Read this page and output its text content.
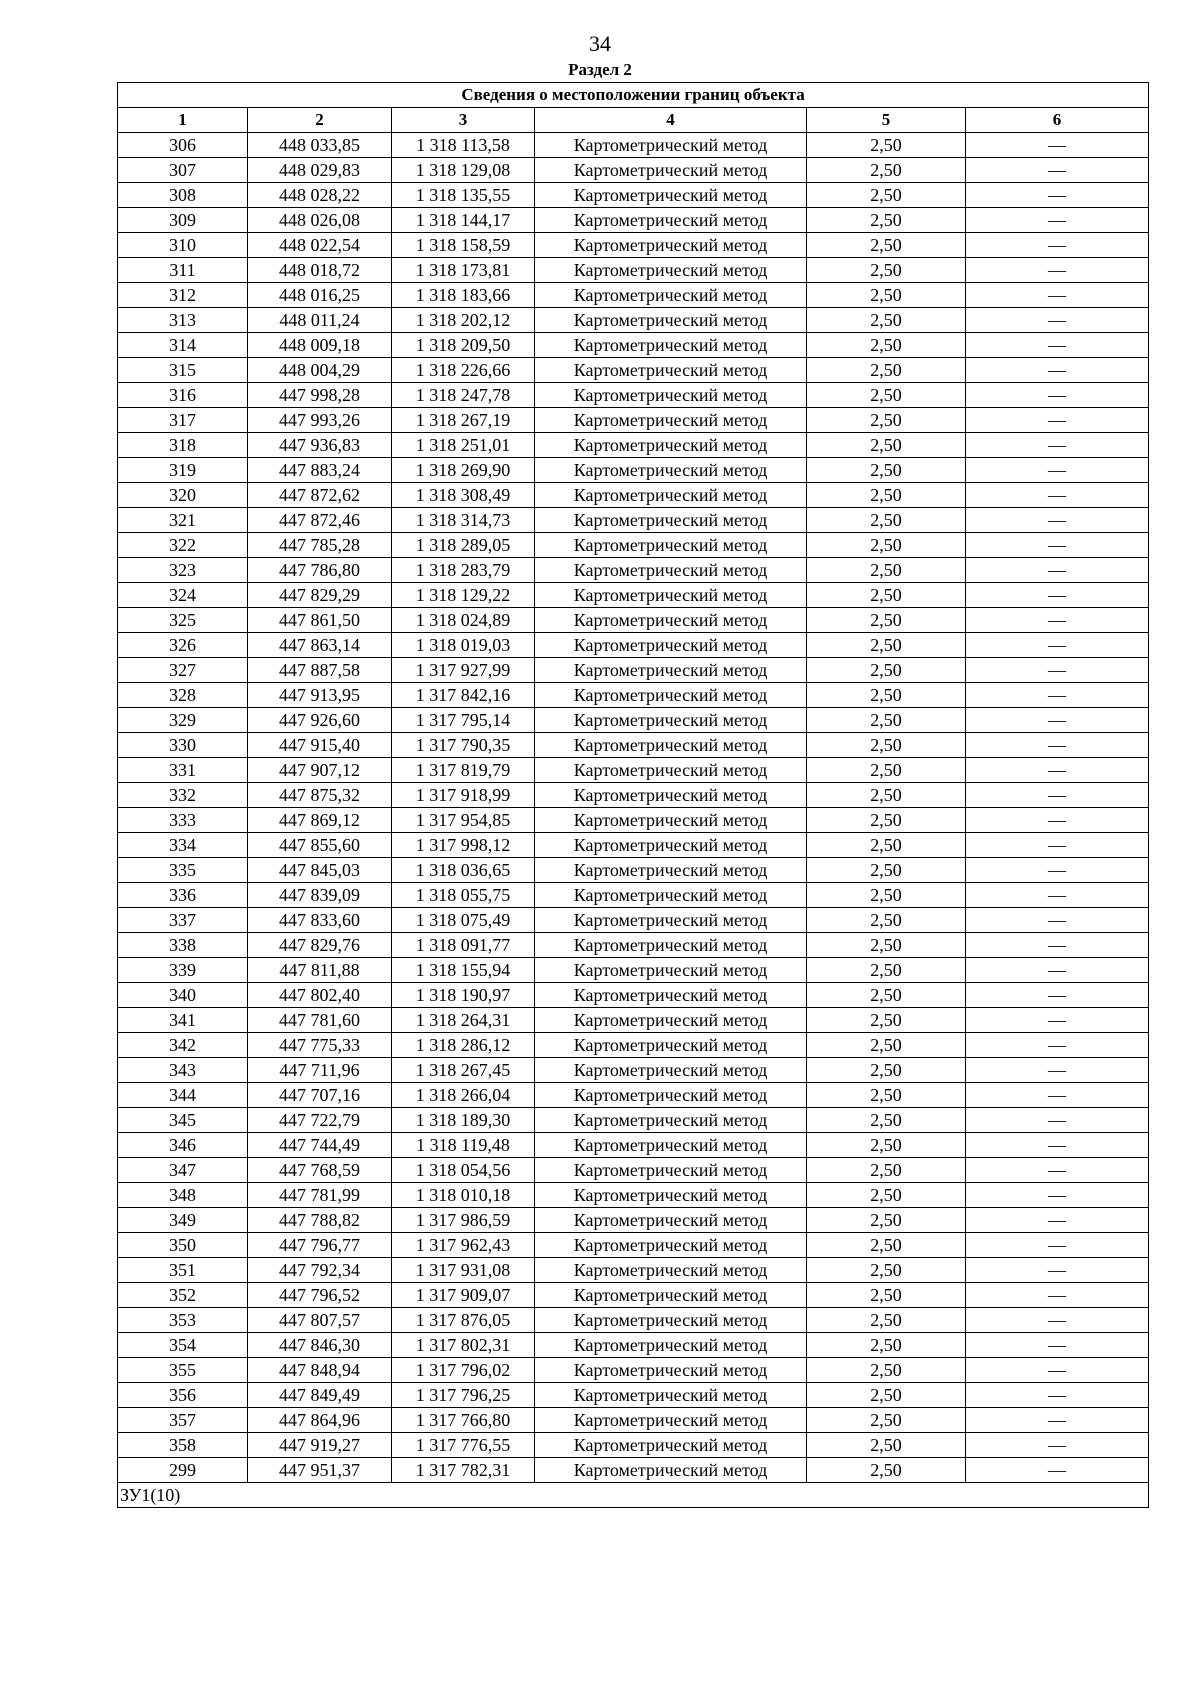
34
Раздел 2
Сведения о местоположении границ объекта					
1	2	3	4	5	6
306	448 033,85	1 318 113,58	Картометрический метод	2,50	—
307	448 029,83	1 318 129,08	Картометрический метод	2,50	—
308	448 028,22	1 318 135,55	Картометрический метод	2,50	—
309	448 026,08	1 318 144,17	Картометрический метод	2,50	—
310	448 022,54	1 318 158,59	Картометрический метод	2,50	—
311	448 018,72	1 318 173,81	Картометрический метод	2,50	—
312	448 016,25	1 318 183,66	Картометрический метод	2,50	—
313	448 011,24	1 318 202,12	Картометрический метод	2,50	—
314	448 009,18	1 318 209,50	Картометрический метод	2,50	—
315	448 004,29	1 318 226,66	Картометрический метод	2,50	—
316	447 998,28	1 318 247,78	Картометрический метод	2,50	—
317	447 993,26	1 318 267,19	Картометрический метод	2,50	—
318	447 936,83	1 318 251,01	Картометрический метод	2,50	—
319	447 883,24	1 318 269,90	Картометрический метод	2,50	—
320	447 872,62	1 318 308,49	Картометрический метод	2,50	—
321	447 872,46	1 318 314,73	Картометрический метод	2,50	—
322	447 785,28	1 318 289,05	Картометрический метод	2,50	—
323	447 786,80	1 318 283,79	Картометрический метод	2,50	—
324	447 829,29	1 318 129,22	Картометрический метод	2,50	—
325	447 861,50	1 318 024,89	Картометрический метод	2,50	—
326	447 863,14	1 318 019,03	Картометрический метод	2,50	—
327	447 887,58	1 317 927,99	Картометрический метод	2,50	—
328	447 913,95	1 317 842,16	Картометрический метод	2,50	—
329	447 926,60	1 317 795,14	Картометрический метод	2,50	—
330	447 915,40	1 317 790,35	Картометрический метод	2,50	—
331	447 907,12	1 317 819,79	Картометрический метод	2,50	—
332	447 875,32	1 317 918,99	Картометрический метод	2,50	—
333	447 869,12	1 317 954,85	Картометрический метод	2,50	—
334	447 855,60	1 317 998,12	Картометрический метод	2,50	—
335	447 845,03	1 318 036,65	Картометрический метод	2,50	—
336	447 839,09	1 318 055,75	Картометрический метод	2,50	—
337	447 833,60	1 318 075,49	Картометрический метод	2,50	—
338	447 829,76	1 318 091,77	Картометрический метод	2,50	—
339	447 811,88	1 318 155,94	Картометрический метод	2,50	—
340	447 802,40	1 318 190,97	Картометрический метод	2,50	—
341	447 781,60	1 318 264,31	Картометрический метод	2,50	—
342	447 775,33	1 318 286,12	Картометрический метод	2,50	—
343	447 711,96	1 318 267,45	Картометрический метод	2,50	—
344	447 707,16	1 318 266,04	Картометрический метод	2,50	—
345	447 722,79	1 318 189,30	Картометрический метод	2,50	—
346	447 744,49	1 318 119,48	Картометрический метод	2,50	—
347	447 768,59	1 318 054,56	Картометрический метод	2,50	—
348	447 781,99	1 318 010,18	Картометрический метод	2,50	—
349	447 788,82	1 317 986,59	Картометрический метод	2,50	—
350	447 796,77	1 317 962,43	Картометрический метод	2,50	—
351	447 792,34	1 317 931,08	Картометрический метод	2,50	—
352	447 796,52	1 317 909,07	Картометрический метод	2,50	—
353	447 807,57	1 317 876,05	Картометрический метод	2,50	—
354	447 846,30	1 317 802,31	Картометрический метод	2,50	—
355	447 848,94	1 317 796,02	Картометрический метод	2,50	—
356	447 849,49	1 317 796,25	Картометрический метод	2,50	—
357	447 864,96	1 317 766,80	Картометрический метод	2,50	—
358	447 919,27	1 317 776,55	Картометрический метод	2,50	—
299	447 951,37	1 317 782,31	Картометрический метод	2,50	—
ЗУ1(10)					
